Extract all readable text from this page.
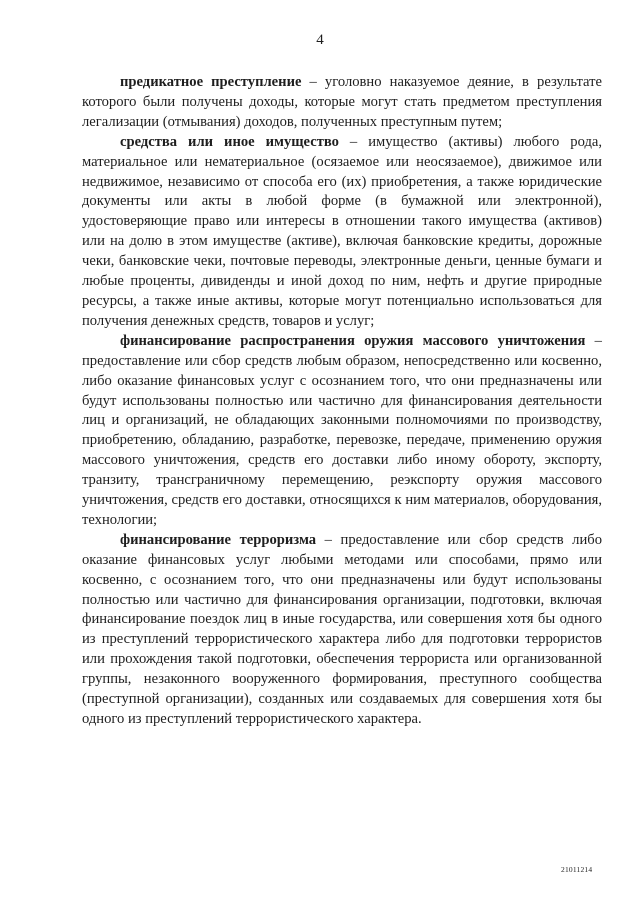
4

предикатное преступление – уголовно наказуемое деяние, в результате которого были получены доходы, которые могут стать предметом преступления легализации (отмывания) доходов, полученных преступным путем;

средства или иное имущество – имущество (активы) любого рода, материальное или нематериальное (осязаемое или неосязаемое), движимое или недвижимое, независимо от способа его (их) приобретения, а также юридические документы или акты в любой форме (в бумажной или электронной), удостоверяющие право или интересы в отношении такого имущества (активов) или на долю в этом имуществе (активе), включая банковские кредиты, дорожные чеки, банковские чеки, почтовые переводы, электронные деньги, ценные бумаги и любые проценты, дивиденды и иной доход по ним, нефть и другие природные ресурсы, а также иные активы, которые могут потенциально использоваться для получения денежных средств, товаров и услуг;

финансирование распространения оружия массового уничтожения – предоставление или сбор средств любым образом, непосредственно или косвенно, либо оказание финансовых услуг с осознанием того, что они предназначены или будут использованы полностью или частично для финансирования деятельности лиц и организаций, не обладающих законными полномочиями по производству, приобретению, обладанию, разработке, перевозке, передаче, применению оружия массового уничтожения, средств его доставки либо иному обороту, экспорту, транзиту, трансграничному перемещению, реэкспорту оружия массового уничтожения, средств его доставки, относящихся к ним материалов, оборудования, технологии;

финансирование терроризма – предоставление или сбор средств либо оказание финансовых услуг любыми методами или способами, прямо или косвенно, с осознанием того, что они предназначены или будут использованы полностью или частично для финансирования организации, подготовки, включая финансирование поездок лиц в иные государства, или совершения хотя бы одного из преступлений террористического характера либо для подготовки террористов или прохождения такой подготовки, обеспечения террориста или организованной группы, незаконного вооруженного формирования, преступного сообщества (преступной организации), созданных или создаваемых для совершения хотя бы одного из преступлений террористического характера.

21011214
